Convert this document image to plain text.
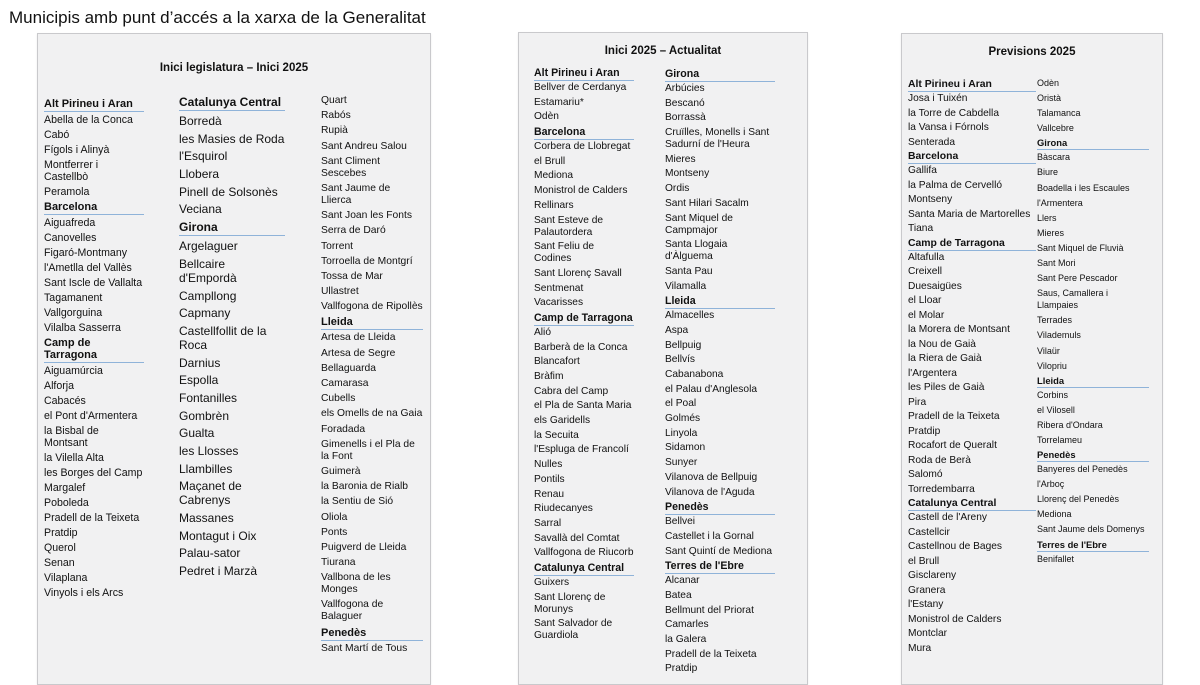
Municipis amb punt d’accés a la xarxa de la Generalitat
Inici legislatura – Inici 2025
Alt Pirineu i Aran
Abella de la Conca
Cabó
Fígols i Alinyà
Montferrer i Castellbò
Peramola
Barcelona
Aiguafreda
Canovelles
Figaró-Montmany
l'Ametlla del Vallès
Sant Iscle de Vallalta
Tagamanent
Vallgorguina
Vilalba Sasserra
Camp de Tarragona
Aiguamúrcia
Alforja
Cabacés
el Pont d'Armentera
la Bisbal de Montsant
la Vilella Alta
les Borges del Camp
Margalef
Poboleda
Pradell de la Teixeta
Pratdip
Querol
Senan
Vilaplana
Vinyols i els Arcs
Catalunya Central
Borredà
les Masies de Roda
l'Esquirol
Llobera
Pinell de Solsonès
Veciana
Girona
Argelaguer
Bellcaire d'Empordà
Campllong
Capmany
Castellfollit de la Roca
Darnius
Espolla
Fontanilles
Gombrèn
Gualta
les Llosses
Llambilles
Maçanet de Cabrenys
Massanes
Montagut i Oix
Palau-sator
Pedret i Marzà
Quart
Rabós
Rupià
Sant Andreu Salou
Sant Climent Sescebes
Sant Jaume de Llierca
Sant Joan les Fonts
Serra de Daró
Torrent
Torroella de Montgrí
Tossa de Mar
Ullastret
Vallfogona de Ripollès
Lleida
Artesa de Lleida
Artesa de Segre
Bellaguarda
Camarasa
Cubells
els Omells de na Gaia
Foradada
Gimenells i el Pla de la Font
Guimerà
la Baronia de Rialb
la Sentiu de Sió
Oliola
Ponts
Puigverd de Lleida
Tiurana
Vallbona de les Monges
Vallfogona de Balaguer
Penedès
Sant Martí de Tous
Inici 2025 – Actualitat
Alt Pirineu i Aran
Bellver de Cerdanya
Estamariu*
Odèn
Barcelona
Corbera de Llobregat
el Brull
Mediona
Monistrol de Calders
Rellinars
Sant Esteve de Palautordera
Sant Feliu de Codines
Sant Llorenç Savall
Sentmenat
Vacarisses
Camp de Tarragona
Alió
Barberà de la Conca
Blancafort
Bràfim
Cabra del Camp
el Pla de Santa Maria
els Garidells
la Secuita
l'Espluga de Francolí
Nulles
Pontils
Renau
Riudecanyes
Sarral
Savallà del Comtat
Vallfogona de Riucorb
Catalunya Central
Guixers
Sant Llorenç de Morunys
Sant Salvador de Guardiola
Girona
Arbúcies
Bescanó
Borrassà
Cruïlles, Monells i Sant Sadurní de l'Heura
Mieres
Montseny
Ordis
Sant Hilari Sacalm
Sant Miquel de Campmajor
Santa Llogaia d'Àlguema
Santa Pau
Vilamalla
Lleida
Almacelles
Aspa
Bellpuig
Bellvís
Cabanabona
el Palau d'Anglesola
el Poal
Golmés
Linyola
Sidamon
Sunyer
Vilanova de Bellpuig
Vilanova de l'Aguda
Penedès
Bellvei
Castellet i la Gornal
Sant Quintí de Mediona
Terres de l'Ebre
Alcanar
Batea
Bellmunt del Priorat
Camarles
la Galera
Pradell de la Teixeta
Pratdip
Previsions 2025
Alt Pirineu i Aran
Josa i Tuixén
la Torre de Cabdella
la Vansa i Fórnols
Senterada
Barcelona
Gallifa
la Palma de Cervelló
Montseny
Santa Maria de Martorelles
Tiana
Camp de Tarragona
Altafulla
Creixell
Duesaigües
el Lloar
el Molar
la Morera de Montsant
la Nou de Gaià
la Riera de Gaià
l'Argentera
les Piles de Gaià
Pira
Pradell de la Teixeta
Pratdip
Rocafort de Queralt
Roda de Berà
Salomó
Torredembarra
Catalunya Central
Castell de l'Areny
Castellcir
Castellnou de Bages
el Brull
Gisclareny
Granera
l'Estany
Monistrol de Calders
Montclar
Mura
Odèn
Oristà
Talamanca
Vallcebre
Girona
Bàscara
Biure
Boadella i les Escaules
l'Armentera
Llers
Mieres
Sant Miquel de Fluvià
Sant Mori
Sant Pere Pescador
Saus, Camallera i Llampaies
Terrades
Vilademuls
Vilaür
Vilopriu
Lleida
Corbins
el Vilosell
Ribera d'Ondara
Torrelameu
Penedès
Banyeres del Penedès
l'Arboç
Llorenç del Penedès
Mediona
Sant Jaume dels Domenys
Terres de l'Ebre
Benifallet
